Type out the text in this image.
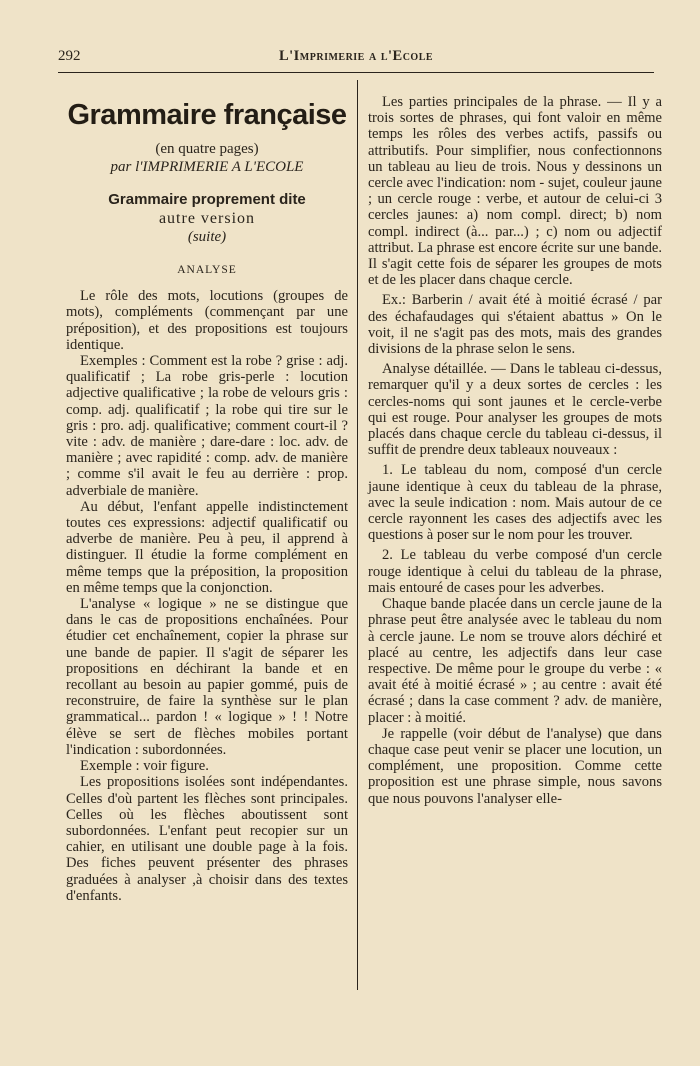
292	L'Imprimerie a l'Ecole
Grammaire française
(en quatre pages)
par l'IMPRIMERIE A L'ECOLE
Grammaire proprement dite
autre version
(suite)
ANALYSE

Le rôle des mots, locutions (groupes de mots), compléments (commençant par une préposition), et des propositions est toujours identique.

Exemples : Comment est la robe ? grise : adj. qualificatif ; La robe gris-perle : locution adjective qualificative ; la robe de velours gris : comp. adj. qualificatif ; la robe qui tire sur le gris : pro. adj. qualificative; comment court-il ? vite : adv. de manière ; dare-dare : loc. adv. de manière ; avec rapidité : comp. adv. de manière ; comme s'il avait le feu au derrière : prop. adverbiale de manière.

Au début, l'enfant appelle indistinctement toutes ces expressions: adjectif qualificatif ou adverbe de manière. Peu à peu, il apprend à distinguer. Il étudie la forme complément en même temps que la préposition, la proposition en même temps que la conjonction.

L'analyse « logique » ne se distingue que dans le cas de propositions enchaînées. Pour étudier cet enchaînement, copier la phrase sur une bande de papier. Il s'agit de séparer les propositions en déchirant la bande et en recollant au besoin au papier gommé, puis de reconstruire, de faire la synthèse sur le plan grammatical... pardon ! « logique » ! ! Notre élève se sert de flèches mobiles portant l'indication : subordonnées.

Exemple : voir figure.

Les propositions isolées sont indépendantes. Celles d'où partent les flèches sont principales. Celles où les flèches aboutissent sont subordonnées. L'enfant peut recopier sur un cahier, en utilisant une double page à la fois. Des fiches peuvent présenter des phrases graduées à analyser ,à choisir dans des textes d'enfants.

Les parties principales de la phrase. — Il y a trois sortes de phrases, qui font valoir en même temps les rôles des verbes actifs, passifs ou attributifs. Pour simplifier, nous confectionnons un tableau au lieu de trois. Nous y dessinons un cercle avec l'indication: nom - sujet, couleur jaune ; un cercle rouge : verbe, et autour de celui-ci 3 cercles jaunes: a) nom compl. direct; b) nom compl. indirect (à... par...) ; c) nom ou adjectif attribut. La phrase est encore écrite sur une bande. Il s'agit cette fois de séparer les groupes de mots et de les placer dans chaque cercle.

Ex.: Barberin / avait été à moitié écrasé / par des échafaudages qui s'étaient abattus » On le voit, il ne s'agit pas des mots, mais des grandes divisions de la phrase selon le sens.

Analyse détaillée. — Dans le tableau ci-dessus, remarquer qu'il y a deux sortes de cercles : les cercles-noms qui sont jaunes et le cercle-verbe qui est rouge. Pour analyser les groupes de mots placés dans chaque cercle du tableau ci-dessus, il suffit de prendre deux tableaux nouveaux :

1. Le tableau du nom, composé d'un cercle jaune identique à ceux du tableau de la phrase, avec la seule indication : nom. Mais autour de ce cercle rayonnent les cases des adjectifs avec les questions à poser sur le nom pour les trouver.

2. Le tableau du verbe composé d'un cercle rouge identique à celui du tableau de la phrase, mais entouré de cases pour les adverbes.

Chaque bande placée dans un cercle jaune de la phrase peut être analysée avec le tableau du nom à cercle jaune. Le nom se trouve alors déchiré et placé au centre, les adjectifs dans leur case respective. De même pour le groupe du verbe : « avait été à moitié écrasé » ; au centre : avait été écrasé ; dans la case comment ? adv. de manière, placer : à moitié.

Je rappelle (voir début de l'analyse) que dans chaque case peut venir se placer une locution, un complément, une proposition. Comme cette proposition est une phrase simple, nous savons que nous pouvons l'analyser elle-
